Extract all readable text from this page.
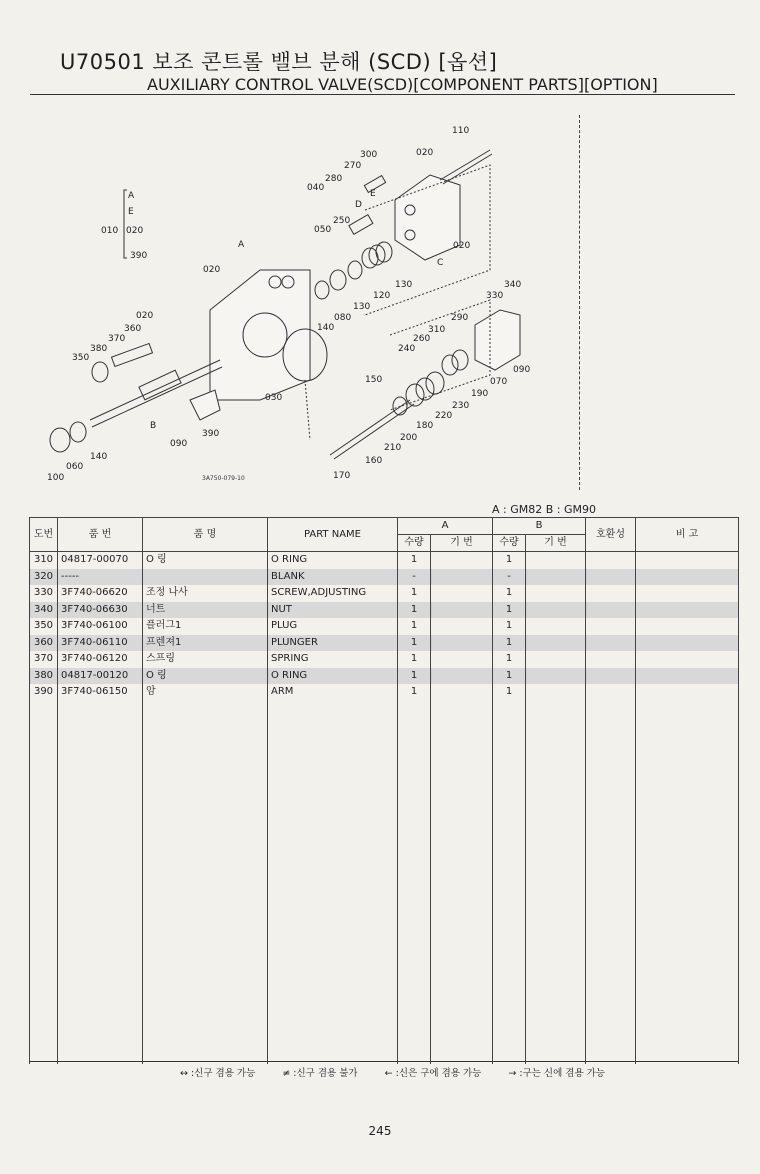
U70501 보조 콘트롤 밸브 분해 (SCD) [옵션]
AUXILIARY CONTROL VALVE(SCD)[COMPONENT PARTS][OPTION]
110
020
300
270
280
040
E
D
250
050
020
C
A
020
130
120
130
080
140
030
340
330
290
310
260
240
070
090
190
230
220
180
150
160
200
210
170
020
360
370
380
350
B
390
090
140
060
100
A
E
010 020
390
3A750-079-10
A : GM82 B : GM90
도번	품 번	품 명	PART NAME	A		B		호환성	비 고
				수량	기 번	수량	기 번		
310	04817-00070	O 링	O RING	1		1			
320	-----		BLANK	-		-			
330	3F740-06620	조정 나사	SCREW,ADJUSTING	1		1			
340	3F740-06630	너트	NUT	1		1			
350	3F740-06100	플러그1	PLUG	1		1			
360	3F740-06110	프렌져1	PLUNGER	1		1			
370	3F740-06120	스프링	SPRING	1		1			
380	04817-00120	O 링	O RING	1		1			
390	3F740-06150	암	ARM	1		1			

↔ :신구 겸용 가능	≠ :신구 겸용 불가	← :신은 구에 겸용 가능	→ :구는 신에 겸용 가능
245
